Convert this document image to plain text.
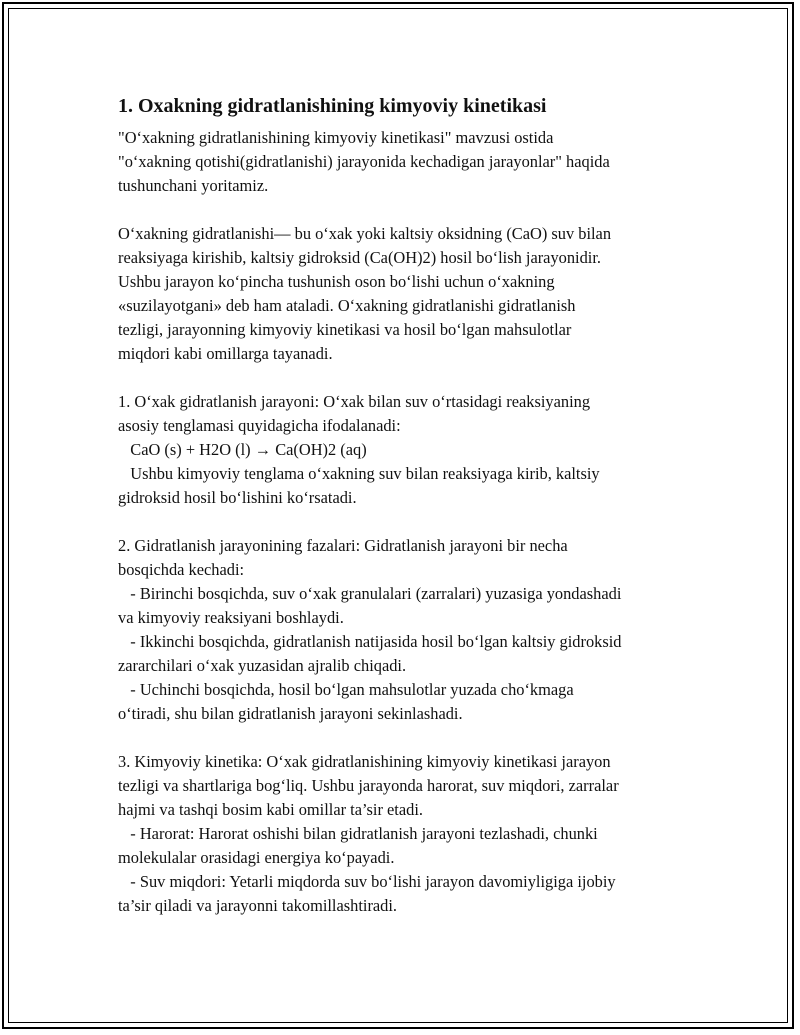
1. Oxakning gidratlanishining kimyoviy kinetikasi
"O‘xakning gidratlanishining kimyoviy kinetikasi" mavzusi ostida
"o‘xakning qotishi(gidratlanishi) jarayonida kechadigan jarayonlar" haqida
tushunchani yoritamiz.
O‘xakning gidratlanishi— bu o‘xak yoki kaltsiy oksidning (CaO) suv bilan
reaksiyaga kirishib, kaltsiy gidroksid (Ca(OH)2) hosil bo‘lish jarayonidir.
Ushbu jarayon ko‘pincha tushunish oson bo‘lishi uchun o‘xakning
«suzilayotgani» deb ham ataladi. O‘xakning gidratlanishi gidratlanish
tezligi, jarayonning kimyoviy kinetikasi va hosil bo‘lgan mahsulotlar
miqdori kabi omillarga tayanadi.
1. O‘xak gidratlanish jarayoni: O‘xak bilan suv o‘rtasidagi reaksiyaning
asosiy tenglamasi quyidagicha ifodalanadi:
CaO (s) + H2O (l) → Ca(OH)2 (aq)
Ushbu kimyoviy tenglama o‘xakning suv bilan reaksiyaga kirib, kaltsiy
gidroksid hosil bo‘lishini ko‘rsatadi.
2. Gidratlanish jarayonining fazalari: Gidratlanish jarayoni bir necha
bosqichda kechadi:
- Birinchi bosqichda, suv o‘xak granulalari (zarralari) yuzasiga yondashadi
va kimyoviy reaksiyani boshlaydi.
- Ikkinchi bosqichda, gidratlanish natijasida hosil bo‘lgan kaltsiy gidroksid
zararchilari o‘xak yuzasidan ajralib chiqadi.
- Uchinchi bosqichda, hosil bo‘lgan mahsulotlar yuzada cho‘kmaga
o‘tiradi, shu bilan gidratlanish jarayoni sekinlashadi.
3. Kimyoviy kinetika: O‘xak gidratlanishining kimyoviy kinetikasi jarayon
tezligi va shartlariga bog‘liq. Ushbu jarayonda harorat, suv miqdori, zarralar
hajmi va tashqi bosim kabi omillar ta’sir etadi.
- Harorat: Harorat oshishi bilan gidratlanish jarayoni tezlashadi, chunki
molekulalar orasidagi energiya ko‘payadi.
- Suv miqdori: Yetarli miqdorda suv bo‘lishi jarayon davomiyligiga ijobiy
ta’sir qiladi va jarayonni takomillashtiradi.
